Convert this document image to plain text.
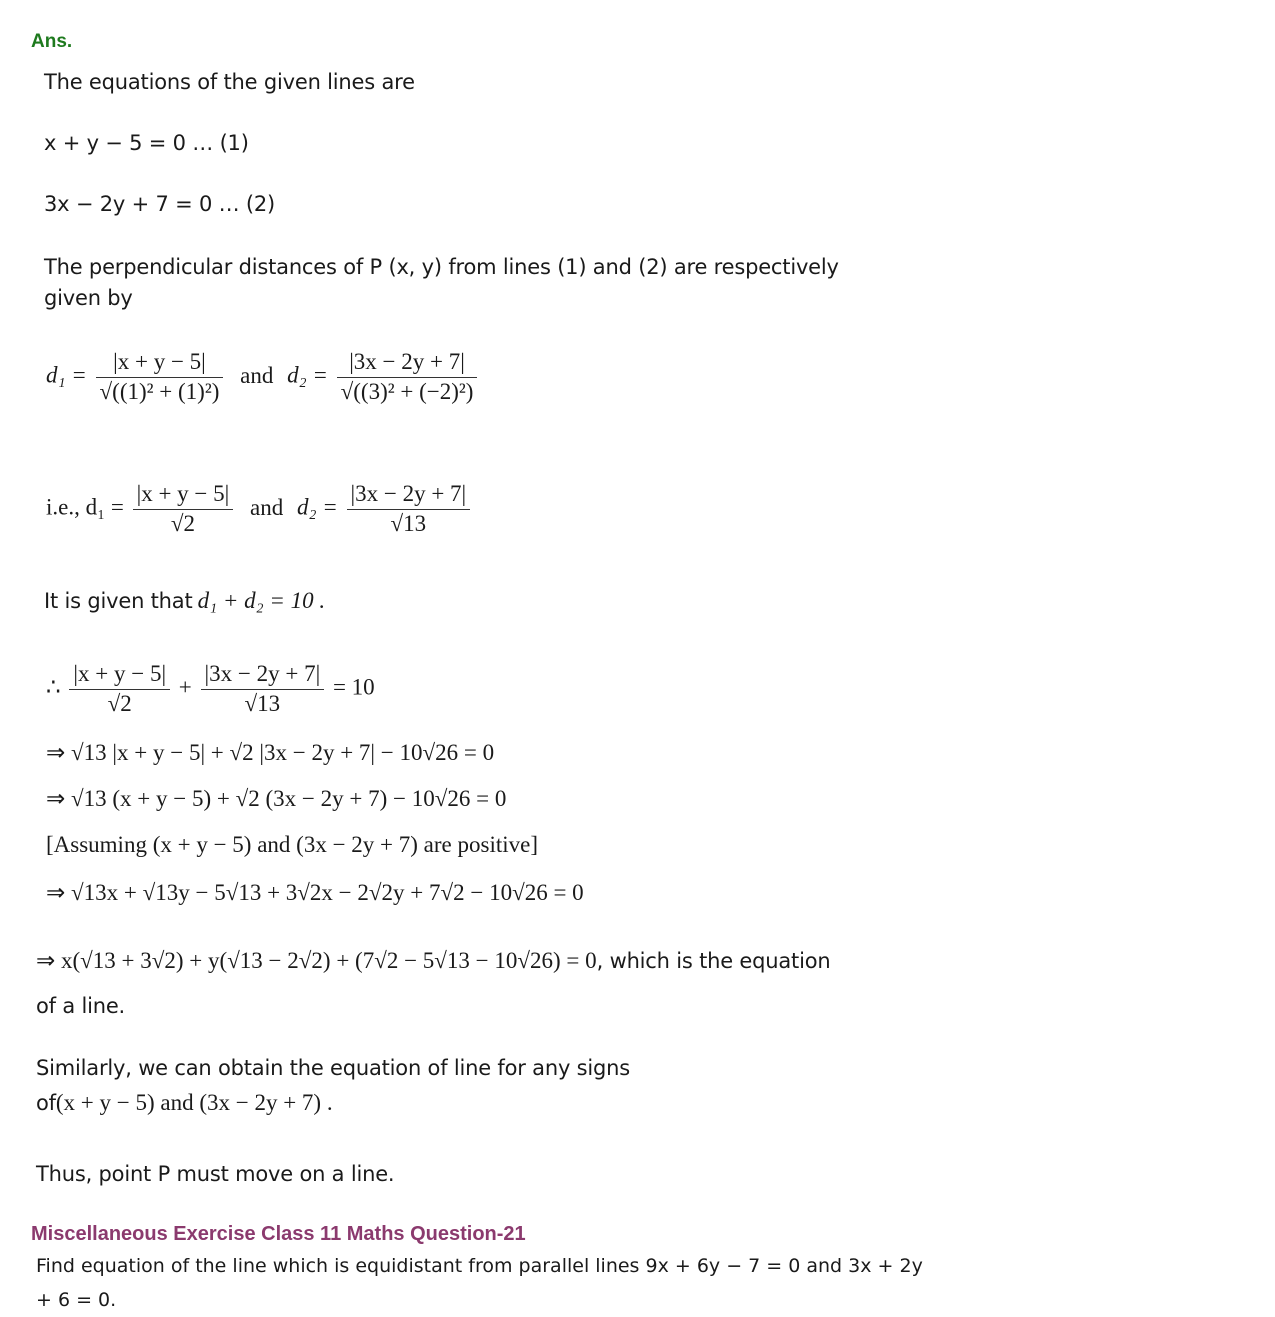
Ans.
The equations of the given lines are
x + y − 5 = 0 … (1)
3x − 2y + 7 = 0 … (2)
The perpendicular distances of P (x, y) from lines (1) and (2) are respectively
given by
$d_1 = \frac{|x + y - 5|}{\text{√((1)² + (1)²)}}$ and $d_2 = \frac{|3x - 2y + 7|}{\text{√((3)² + (−2)²)}}$
i.e., $d_1 = \frac{|x + y - 5|}{√2}$ and $d_2 = \frac{|3x - 2y + 7|}{√13}$
It is given that d₁ + d₂ = 10 .
∴ $\frac{|x + y - 5|}{√2} + \frac{|3x - 2y + 7|}{√13} = 10$
⇒ √13 |x + y − 5| + √2 |3x − 2y + 7| − 10√26 = 0
⇒ √13 (x + y − 5) + √2 (3x − 2y + 7) − 10√26 = 0
[Assuming (x + y − 5) and (3x − 2y + 7) are positive]
⇒ √13x + √13y − 5√13 + 3√2x − 2√2y + 7√2 − 10√26 = 0
⇒ x(√13 + 3√2) + y(√13 − 2√2) + (7√2 − 5√13 − 10√26) = 0, which is the equation
of a line.
Similarly, we can obtain the equation of line for any signs
of(x + y − 5) and (3x − 2y + 7) .
Thus, point P must move on a line.
Miscellaneous Exercise Class 11 Maths Question-21
Find equation of the line which is equidistant from parallel lines 9x + 6y − 7 = 0 and 3x + 2y
+ 6 = 0.
